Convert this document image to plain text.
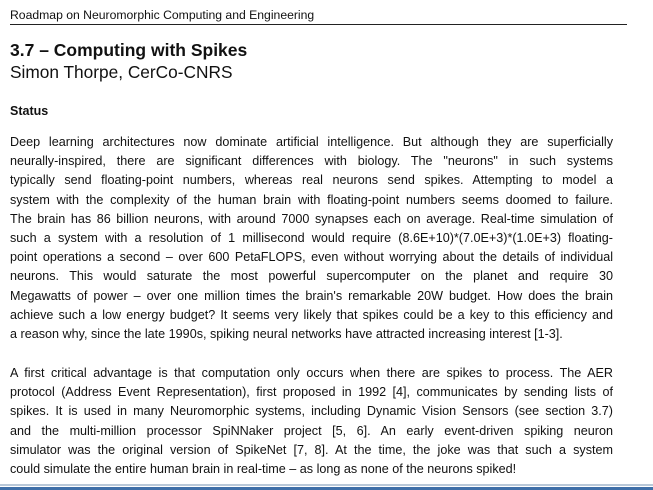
Roadmap on Neuromorphic Computing and Engineering
3.7 – Computing with Spikes
Simon Thorpe, CerCo-CNRS
Status
Deep learning architectures now dominate artificial intelligence. But although they are superficially
neurally-inspired, there are significant differences with biology. The "neurons" in such systems
typically send floating-point numbers, whereas real neurons send spikes. Attempting to model a
system with the complexity of the human brain with floating-point numbers seems doomed to failure.
The brain has 86 billion neurons, with around 7000 synapses each on average. Real-time simulation of
such a system with a resolution of 1 millisecond would require (8.6E+10)*(7.0E+3)*(1.0E+3) floating-
point operations a second – over 600 PetaFLOPS, even without worrying about the details of individual
neurons. This would saturate the most powerful supercomputer on the planet and require 30
Megawatts of power – over one million times the brain's remarkable 20W budget. How does the brain
achieve such a low energy budget? It seems very likely that spikes could be a key to this efficiency and
a reason why, since the late 1990s, spiking neural networks have attracted increasing interest [1-3].
A first critical advantage is that computation only occurs when there are spikes to process. The AER
protocol (Address Event Representation), first proposed in 1992 [4], communicates by sending lists of
spikes. It is used in many Neuromorphic systems, including Dynamic Vision Sensors (see section 3.7)
and the multi-million processor SpiNNaker project [5, 6]. An early event-driven spiking neuron
simulator was the original version of SpikeNet [7, 8]. At the time, the joke was that such a system
could simulate the entire human brain in real-time – as long as none of the neurons spiked!
